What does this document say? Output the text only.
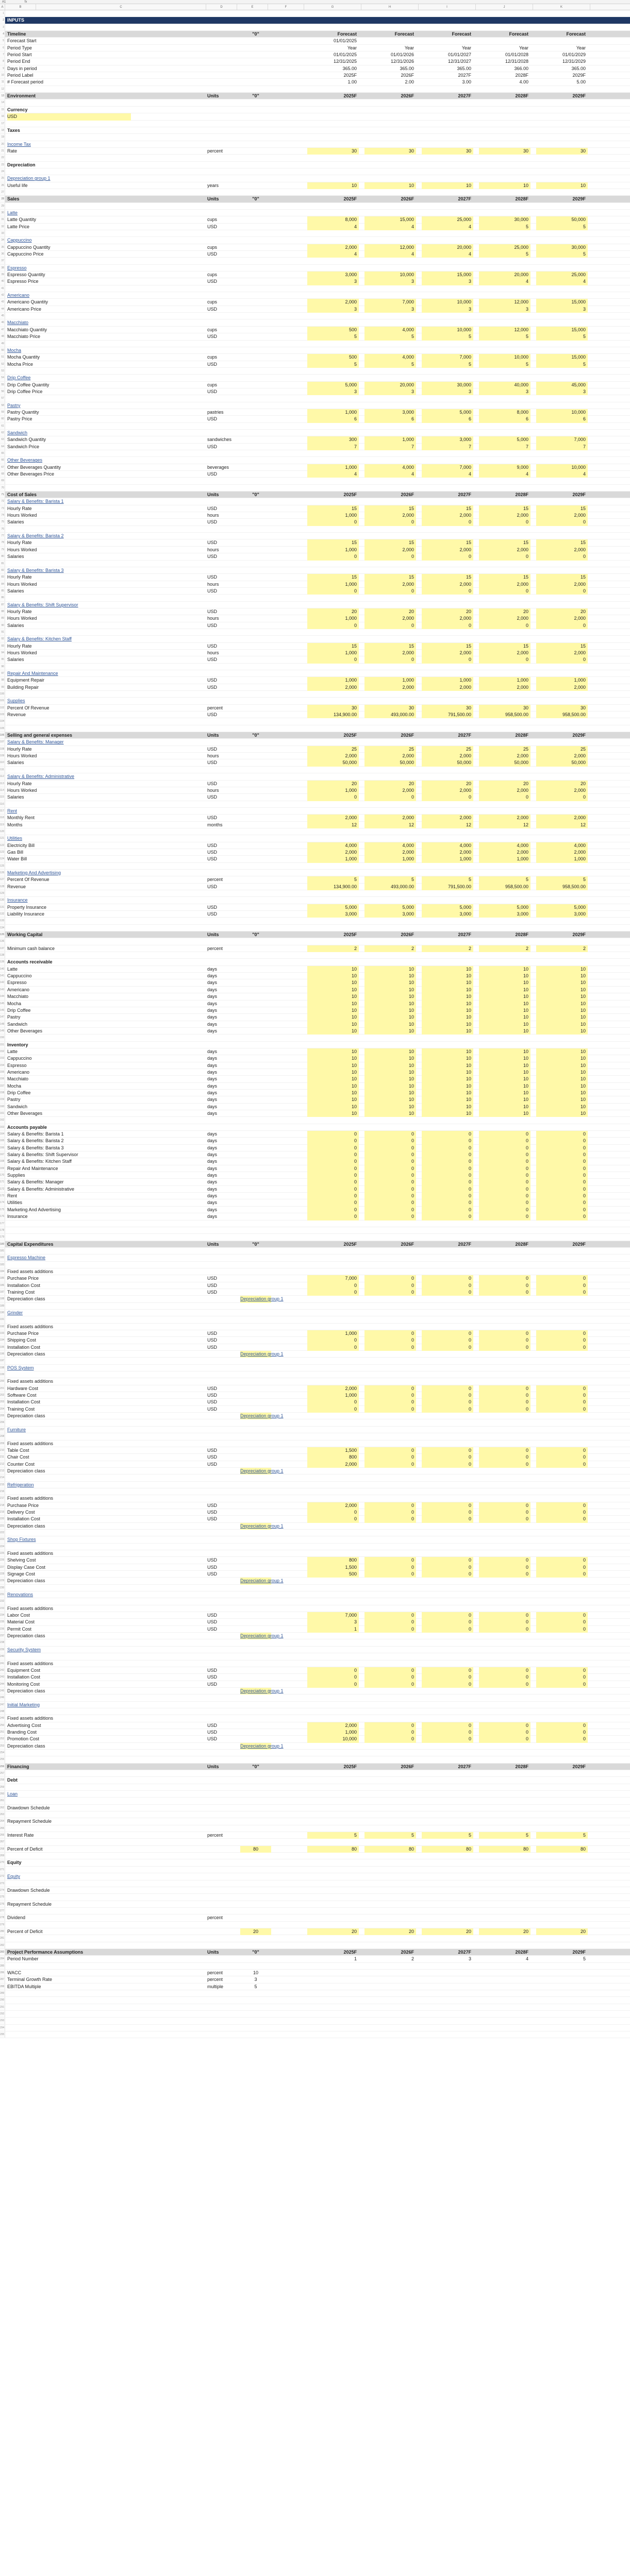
A1	fx
A	B	C	D	E	F	G	H	I	J	K
1
2 INPUTS
3
4 Timeline	"0"	Forecast	Forecast	Forecast	Forecast	Forecast
5 Forecast Start	01/01/2025
6 Period Type	Year	Year	Year	Year	Year
7 Period Start	01/01/2025	01/01/2026	01/01/2027	01/01/2028	01/01/2029
8 Period End	12/31/2025	12/31/2026	12/31/2027	12/31/2028	12/31/2029
9 Days in period	365.00	365.00	365.00	366.00	365.00
10 Period Label	2025F	2026F	2027F	2028F	2029F
11 # Forecast period	1.00	2.00	3.00	4.00	5.00
12
13 Environment	Units	"0"	2025F	2026F	2027F	2028F	2029F
14
15 Currency
16 USD
17
18 Taxes
19
20 Income Tax
21 Rate	percent	30	30	30	30	30
22
23 Depreciation
24
25 Depreciation group 1
26 Useful life	years	10	10	10	10	10
27
28 Sales	Units	"0"	2025F	2026F	2027F	2028F	2029F
29
30 Latte
31 Latte Quantity	cups	8,000	15,000	25,000	30,000	50,000
32 Latte Price	USD	4	4	4	5	5
33
34 Cappuccino
35 Cappuccino Quantity	cups	2,000	12,000	20,000	25,000	30,000
36 Cappuccino Price	USD	4	4	4	5	5
37
38 Espresso
39 Espresso Quantity	cups	3,000	10,000	15,000	20,000	25,000
40 Espresso Price	USD	3	3	3	4	4
41
42 Americano
43 Americano Quantity	cups	2,000	7,000	10,000	12,000	15,000
44 Americano Price	USD	3	3	3	3	3
45
46 Macchiato
47 Macchiato Quantity	cups	500	4,000	10,000	12,000	15,000
48 Macchiato Price	USD	5	5	5	5	5
49
50 Mocha
51 Mocha Quantity	cups	500	4,000	7,000	10,000	15,000
52 Mocha Price	USD	5	5	5	5	5
53
54 Drip Coffee
55 Drip Coffee Quantity	cups	5,000	20,000	30,000	40,000	45,000
56 Drip Coffee Price	USD	3	3	3	3	3
57
58 Pastry
59 Pastry Quantity	pastries	1,000	3,000	5,000	8,000	10,000
60 Pastry Price	USD	6	6	6	6	6
61
62 Sandwich
63 Sandwich Quantity	sandwiches	300	1,000	3,000	5,000	7,000
64 Sandwich Price	USD	7	7	7	7	7
65
66 Other Beverages
67 Other Beverages Quantity	beverages	1,000	4,000	7,000	9,000	10,000
68 Other Beverages Price	USD	4	4	4	4	4
69
70
71 Cost of Sales	Units	"0"	2025F	2026F	2027F	2028F	2029F
72 Salary & Benefits: Barista 1
73 Hourly Rate	USD	15	15	15	15	15
74 Hours Worked	hours	1,000	2,000	2,000	2,000	2,000
75 Salaries	USD	0	0	0	0	0
76
77 Salary & Benefits: Barista 2
78 Hourly Rate	USD	15	15	15	15	15
79 Hours Worked	hours	1,000	2,000	2,000	2,000	2,000
80 Salaries	USD	0	0	0	0	0
81
82 Salary & Benefits: Barista 3
83 Hourly Rate	USD	15	15	15	15	15
84 Hours Worked	hours	1,000	2,000	2,000	2,000	2,000
85 Salaries	USD	0	0	0	0	0
86
87 Salary & Benefits: Shift Supervisor
88 Hourly Rate	USD	20	20	20	20	20
89 Hours Worked	hours	1,000	2,000	2,000	2,000	2,000
90 Salaries	USD	0	0	0	0	0
91
92 Salary & Benefits: Kitchen Staff
93 Hourly Rate	USD	15	15	15	15	15
94 Hours Worked	hours	1,000	2,000	2,000	2,000	2,000
95 Salaries	USD	0	0	0	0	0
96
97 Repair And Maintenance
98 Equipment Repair	USD	1,000	1,000	1,000	1,000	1,000
99 Building Repair	USD	2,000	2,000	2,000	2,000	2,000
100
101 Supplies
102 Percent Of Revenue	percent	30	30	30	30	30
103 Revenue	USD	134,900.00	493,000.00	791,500.00	958,500.00	958,500.00
104
105
106 Selling and general expenses	Units	"0"	2025F	2026F	2027F	2028F	2029F
107 Salary & Benefits: Manager
108 Hourly Rate	USD	25	25	25	25	25
109 Hours Worked	hours	2,000	2,000	2,000	2,000	2,000
110 Salaries	USD	50,000	50,000	50,000	50,000	50,000
111
112 Salary & Benefits: Administrative
113 Hourly Rate	USD	20	20	20	20	20
114 Hours Worked	hours	1,000	2,000	2,000	2,000	2,000
115 Salaries	USD	0	0	0	0	0
116
117 Rent
118 Monthly Rent	USD	2,000	2,000	2,000	2,000	2,000
119 Months	months	12	12	12	12	12
120
121 Utilities
122 Electricity Bill	USD	4,000	4,000	4,000	4,000	4,000
123 Gas Bill	USD	2,000	2,000	2,000	2,000	2,000
124 Water Bill	USD	1,000	1,000	1,000	1,000	1,000
125
126 Marketing And Advertising
127 Percent Of Revenue	percent	5	5	5	5	5
128 Revenue	USD	134,900.00	493,000.00	791,500.00	958,500.00	958,500.00
129
130 Insurance
131 Property Insurance	USD	5,000	5,000	5,000	5,000	5,000
132 Liability Insurance	USD	3,000	3,000	3,000	3,000	3,000
133
134
135 Working Capital	Units	"0"	2025F	2026F	2027F	2028F	2029F
136
137 Minimum cash balance	percent	2	2	2	2	2
138
139 Accounts receivable
140 Latte	days	10	10	10	10	10
141 Cappuccino	days	10	10	10	10	10
142 Espresso	days	10	10	10	10	10
143 Americano	days	10	10	10	10	10
144 Macchiato	days	10	10	10	10	10
145 Mocha	days	10	10	10	10	10
146 Drip Coffee	days	10	10	10	10	10
147 Pastry	days	10	10	10	10	10
148 Sandwich	days	10	10	10	10	10
149 Other Beverages	days	10	10	10	10	10
150
151 Inventory
152 Latte	days	10	10	10	10	10
153 Cappuccino	days	10	10	10	10	10
154 Espresso	days	10	10	10	10	10
155 Americano	days	10	10	10	10	10
156 Macchiato	days	10	10	10	10	10
157 Mocha	days	10	10	10	10	10
158 Drip Coffee	days	10	10	10	10	10
159 Pastry	days	10	10	10	10	10
160 Sandwich	days	10	10	10	10	10
161 Other Beverages	days	10	10	10	10	10
162
163 Accounts payable
164 Salary & Benefits: Barista 1	days	0	0	0	0	0
165 Salary & Benefits: Barista 2	days	0	0	0	0	0
166 Salary & Benefits: Barista 3	days	0	0	0	0	0
167 Salary & Benefits: Shift Supervisor	days	0	0	0	0	0
168 Salary & Benefits: Kitchen Staff	days	0	0	0	0	0
169 Repair And Maintenance	days	0	0	0	0	0
170 Supplies	days	0	0	0	0	0
171 Salary & Benefits: Manager	days	0	0	0	0	0
172 Salary & Benefits: Administrative	days	0	0	0	0	0
173 Rent	days	0	0	0	0	0
174 Utilities	days	0	0	0	0	0
175 Marketing And Advertising	days	0	0	0	0	0
176 Insurance	days	0	0	0	0	0
177
178
179
180 Capital Expenditures	Units	"0"	2025F	2026F	2027F	2028F	2029F
181
182 Espresso Machine
183
184 Fixed assets additions
185 Purchase Price	USD	7,000	0	0	0	0
186 Installation Cost	USD	0	0	0	0	0
187 Training Cost	USD	0	0	0	0	0
188 Depreciation class	Depreciation group 1
189
190 Grinder
191
192 Fixed assets additions
193 Purchase Price	USD	1,000	0	0	0	0
194 Shipping Cost	USD	0	0	0	0	0
195 Installation Cost	USD	0	0	0	0	0
196 Depreciation class	Depreciation group 1
197
198 POS System
199
200 Fixed assets additions
201 Hardware Cost	USD	2,000	0	0	0	0
202 Software Cost	USD	1,000	0	0	0	0
203 Installation Cost	USD	0	0	0	0	0
204 Training Cost	USD	0	0	0	0	0
205 Depreciation class	Depreciation group 1
206
207 Furniture
208
209 Fixed assets additions
210 Table Cost	USD	1,500	0	0	0	0
211 Chair Cost	USD	800	0	0	0	0
212 Counter Cost	USD	2,000	0	0	0	0
213 Depreciation class	Depreciation group 1
214
215 Refrigeration
216
217 Fixed assets additions
218 Purchase Price	USD	2,000	0	0	0	0
219 Delivery Cost	USD	0	0	0	0	0
220 Installation Cost	USD	0	0	0	0	0
221 Depreciation class	Depreciation group 1
222
223 Shop Fixtures
224
225 Fixed assets additions
226 Shelving Cost	USD	800	0	0	0	0
227 Display Case Cost	USD	1,500	0	0	0	0
228 Signage Cost	USD	500	0	0	0	0
229 Depreciation class	Depreciation group 1
230
231 Renovations
232
233 Fixed assets additions
234 Labor Cost	USD	7,000	0	0	0	0
235 Material Cost	USD	3	0	0	0	0
236 Permit Cost	USD	1	0	0	0	0
237 Depreciation class	Depreciation group 1
238
239 Security System
240
241 Fixed assets additions
242 Equipment Cost	USD	0	0	0	0	0
243 Installation Cost	USD	0	0	0	0	0
244 Monitoring Cost	USD	0	0	0	0	0
245 Depreciation class	Depreciation group 1
246
247 Initial Marketing
248
249 Fixed assets additions
250 Advertising Cost	USD	2,000	0	0	0	0
251 Branding Cost	USD	1,000	0	0	0	0
252 Promotion Cost	USD	10,000	0	0	0	0
253 Depreciation class	Depreciation group 1
254
255
256 Financing	Units	"0"	2025F	2026F	2027F	2028F	2029F
257
258 Debt
259
260 Loan
261
262 Drawdown Schedule
263
264 Repayment Schedule
265
266 Interest Rate	percent	5	5	5	5	5
267
268 Percent of Deficit	80	80	80	80	80	80
269
270 Equity
271
272 Equity
273
274 Drawdown Schedule
275
276 Repayment Schedule
277
278 Dividend	percent
279
280 Percent of Deficit	20	20	20	20	20	20
281
282
283 Project Performance Assumptions	Units	"0"	2025F	2026F	2027F	2028F	2029F
284 Period Number	1	2	3	4	5
285
286 WACC	percent	10
287 Terminal Growth Rate	percent	3
288 EBITDA Multiple	multiple	5
289
290
291
292
293
294
295
